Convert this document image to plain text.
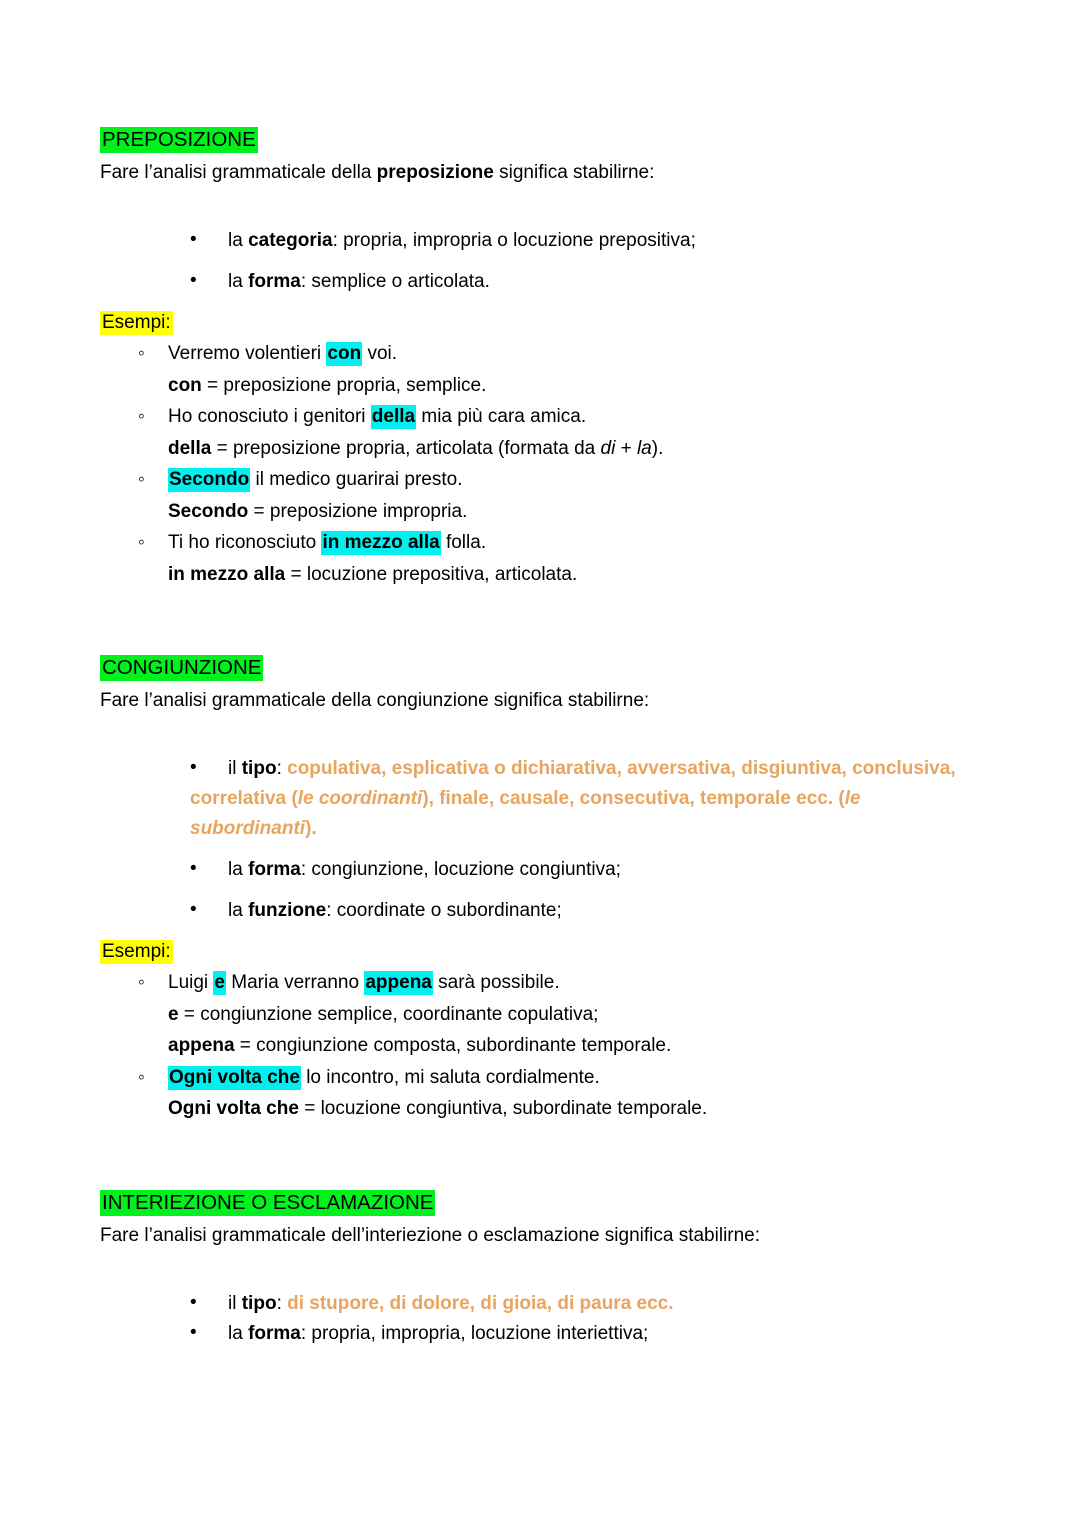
PREPOSIZIONE

Fare l’analisi grammaticale della preposizione significa stabilirne:

• la categoria: propria, impropria o locuzione prepositiva;
• la forma: semplice o articolata.

Esempi:

◦ Verremo volentieri con voi.
con = preposizione propria, semplice.
◦ Ho conosciuto i genitori della mia più cara amica.
della = preposizione propria, articolata (formata da di + la).
◦ Secondo il medico guarirai presto.
Secondo = preposizione impropria.
◦ Ti ho riconosciuto in mezzo alla folla.
in mezzo alla = locuzione prepositiva, articolata.

CONGIUNZIONE

Fare l’analisi grammaticale della congiunzione significa stabilirne:

• il tipo: copulativa, esplicativa o dichiarativa, avversativa, disgiuntiva, conclusiva, correlativa (le coordinanti), finale, causale, consecutiva, temporale ecc. (le subordinanti).
• la forma: congiunzione, locuzione congiuntiva;
• la funzione: coordinate o subordinante;

Esempi:

◦ Luigi e Maria verranno appena sarà possibile.
e = congiunzione semplice, coordinante copulativa;
appena = congiunzione composta, subordinante temporale.
◦ Ogni volta che lo incontro, mi saluta cordialmente.
Ogni volta che = locuzione congiuntiva, subordinate temporale.

INTERIEZIONE O ESCLAMAZIONE

Fare l’analisi grammaticale dell’interiezione o esclamazione significa stabilirne:

• il tipo: di stupore, di dolore, di gioia, di paura ecc.
• la forma: propria, impropria, locuzione interiettiva;
